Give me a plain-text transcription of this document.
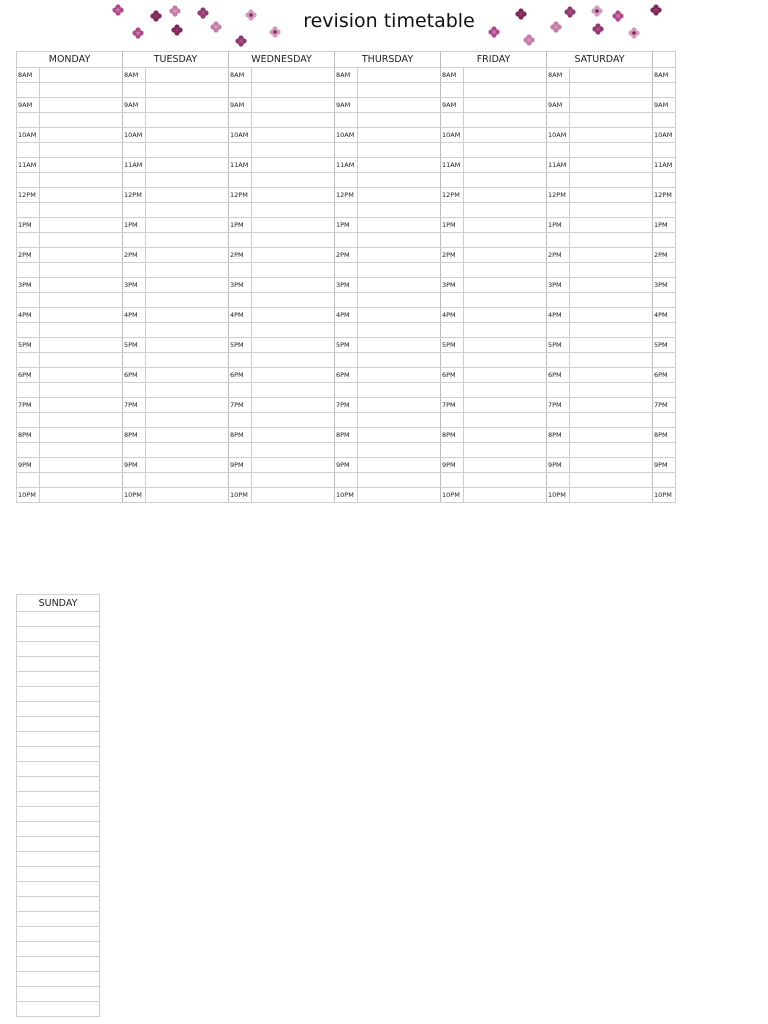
revision timetable
MONDAY		TUESDAY		WEDNESDAY		THURSDAY		FRIDAY		SATURDAY		
8AM		8AM		8AM		8AM		8AM		8AM		8AM

9AM		9AM		9AM		9AM		9AM		9AM		9AM

10AM		10AM		10AM		10AM		10AM		10AM		10AM

11AM		11AM		11AM		11AM		11AM		11AM		11AM

12PM		12PM		12PM		12PM		12PM		12PM		12PM

1PM		1PM		1PM		1PM		1PM		1PM		1PM

2PM		2PM		2PM		2PM		2PM		2PM		2PM

3PM		3PM		3PM		3PM		3PM		3PM		3PM

4PM		4PM		4PM		4PM		4PM		4PM		4PM

5PM		5PM		5PM		5PM		5PM		5PM		5PM

6PM		6PM		6PM		6PM		6PM		6PM		6PM

7PM		7PM		7PM		7PM		7PM		7PM		7PM

8PM		8PM		8PM		8PM		8PM		8PM		8PM

9PM		9PM		9PM		9PM		9PM		9PM		9PM

10PM		10PM		10PM		10PM		10PM		10PM		10PM
SUNDAY
